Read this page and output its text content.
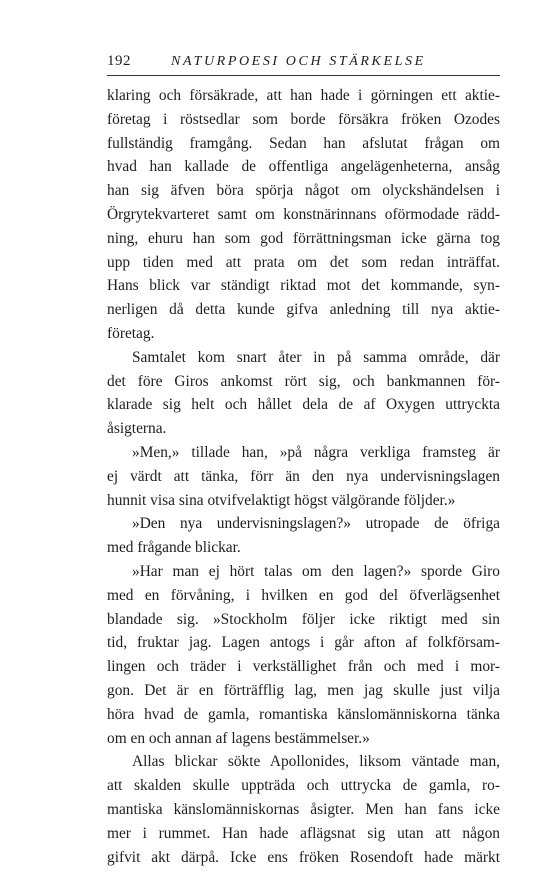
192	NATURPOESI OCH STÄRKELSE
klaring och försäkrade, att han hade i görningen ett aktie-
företag i röstsedlar som borde försäkra fröken Ozodes
fullständig framgång. Sedan han afslutat frågan om
hvad han kallade de offentliga angelägenheterna, ansåg
han sig äfven böra spörja något om olyckshändelsen i
Örgrytekvarteret samt om konstnärinnans oförmodade rädd-
ning, ehuru han som god förrättningsman icke gärna tog
upp tiden med att prata om det som redan inträffat.
Hans blick var ständigt riktad mot det kommande, syn-
nerligen då detta kunde gifva anledning till nya aktie-
företag.
Samtalet kom snart åter in på samma område, där
det före Giros ankomst rört sig, och bankmannen för-
klarade sig helt och hållet dela de af Oxygen uttryckta
åsigterna.
»Men,» tillade han, »på några verkliga framsteg är
ej värdt att tänka, förr än den nya undervisningslagen
hunnit visa sina otvifvelaktigt högst välgörande följder.»
»Den nya undervisningslagen?» utropade de öfriga
med frågande blickar.
»Har man ej hört talas om den lagen?» sporde Giro
med en förvåning, i hvilken en god del öfverlägsenhet
blandade sig. »Stockholm följer icke riktigt med sin
tid, fruktar jag. Lagen antogs i går afton af folkförsam-
lingen och träder i verkställighet från och med i mor-
gon. Det är en förträfflig lag, men jag skulle just vilja
höra hvad de gamla, romantiska känslomänniskorna tänka
om en och annan af lagens bestämmelser.»
Allas blickar sökte Apollonides, liksom väntade man,
att skalden skulle uppträda och uttrycka de gamla, ro-
mantiska känslomänniskornas åsigter. Men han fans icke
mer i rummet. Han hade aflägsnat sig utan att någon
gifvit akt därpå. Icke ens fröken Rosendoft hade märkt
